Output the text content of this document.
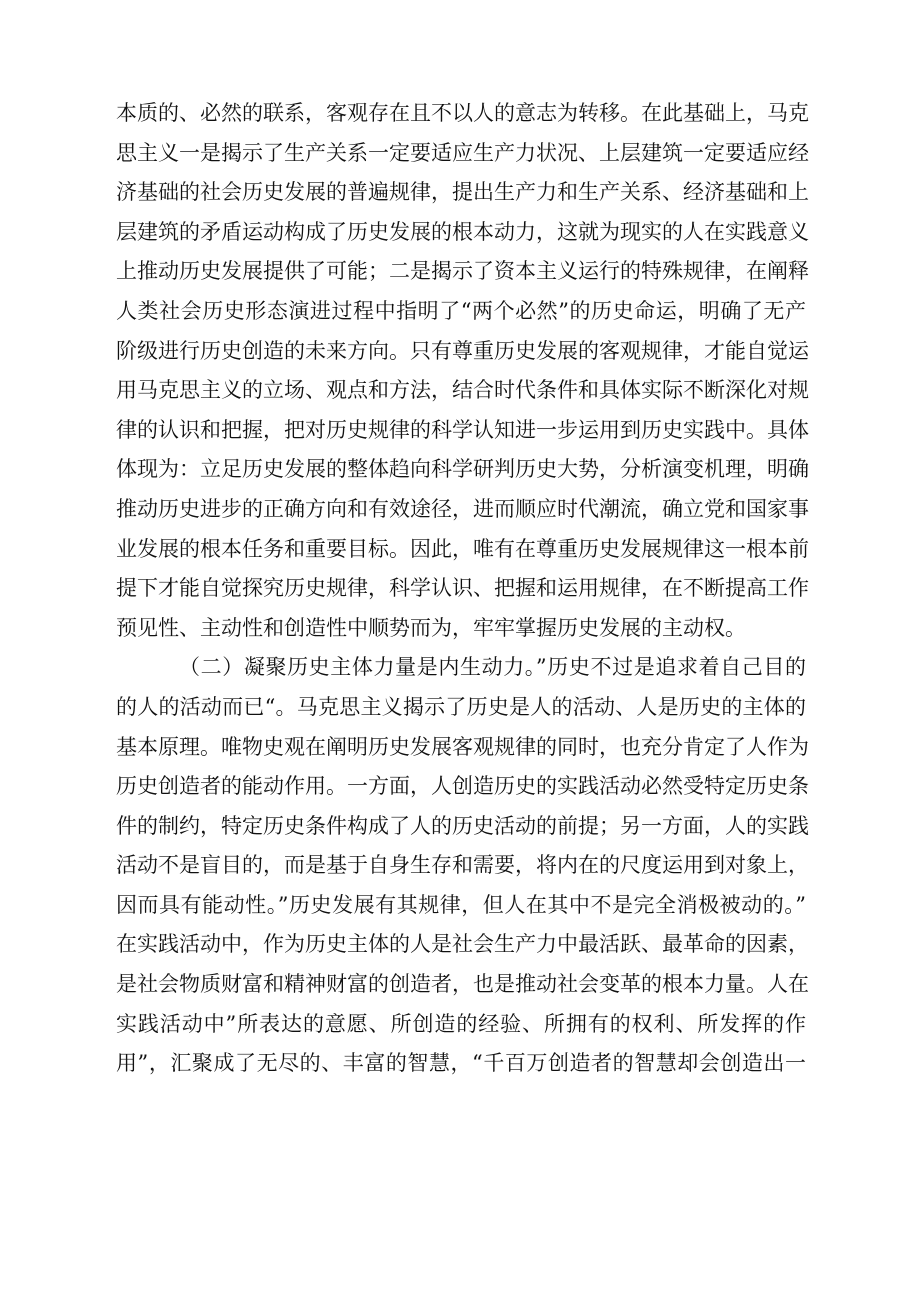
本质的、必然的联系，客观存在且不以人的意志为转移。在此基础上，马克
思主义一是揭示了生产关系一定要适应生产力状况、上层建筑一定要适应经
济基础的社会历史发展的普遍规律，提出生产力和生产关系、经济基础和上
层建筑的矛盾运动构成了历史发展的根本动力，这就为现实的人在实践意义
上推动历史发展提供了可能；二是揭示了资本主义运行的特殊规律，在阐释
人类社会历史形态演进过程中指明了“两个必然”的历史命运，明确了无产
阶级进行历史创造的未来方向。只有尊重历史发展的客观规律，才能自觉运
用马克思主义的立场、观点和方法，结合时代条件和具体实际不断深化对规
律的认识和把握，把对历史规律的科学认知进一步运用到历史实践中。具体
体现为：立足历史发展的整体趋向科学研判历史大势，分析演变机理，明确
推动历史进步的正确方向和有效途径，进而顺应时代潮流，确立党和国家事
业发展的根本任务和重要目标。因此，唯有在尊重历史发展规律这一根本前
提下才能自觉探究历史规律，科学认识、把握和运用规律，在不断提高工作
预见性、主动性和创造性中顺势而为，牢牢掌握历史发展的主动权。
（二）凝聚历史主体力量是内生动力。”历史不过是追求着自己目的
的人的活动而已“。马克思主义揭示了历史是人的活动、人是历史的主体的
基本原理。唯物史观在阐明历史发展客观规律的同时，也充分肯定了人作为
历史创造者的能动作用。一方面，人创造历史的实践活动必然受特定历史条
件的制约，特定历史条件构成了人的历史活动的前提；另一方面，人的实践
活动不是盲目的，而是基于自身生存和需要，将内在的尺度运用到对象上，
因而具有能动性。”历史发展有其规律，但人在其中不是完全消极被动的。”
在实践活动中，作为历史主体的人是社会生产力中最活跃、最革命的因素，
是社会物质财富和精神财富的创造者，也是推动社会变革的根本力量。人在
实践活动中”所表达的意愿、所创造的经验、所拥有的权利、所发挥的作
用”，汇聚成了无尽的、丰富的智慧，“千百万创造者的智慧却会创造出一
